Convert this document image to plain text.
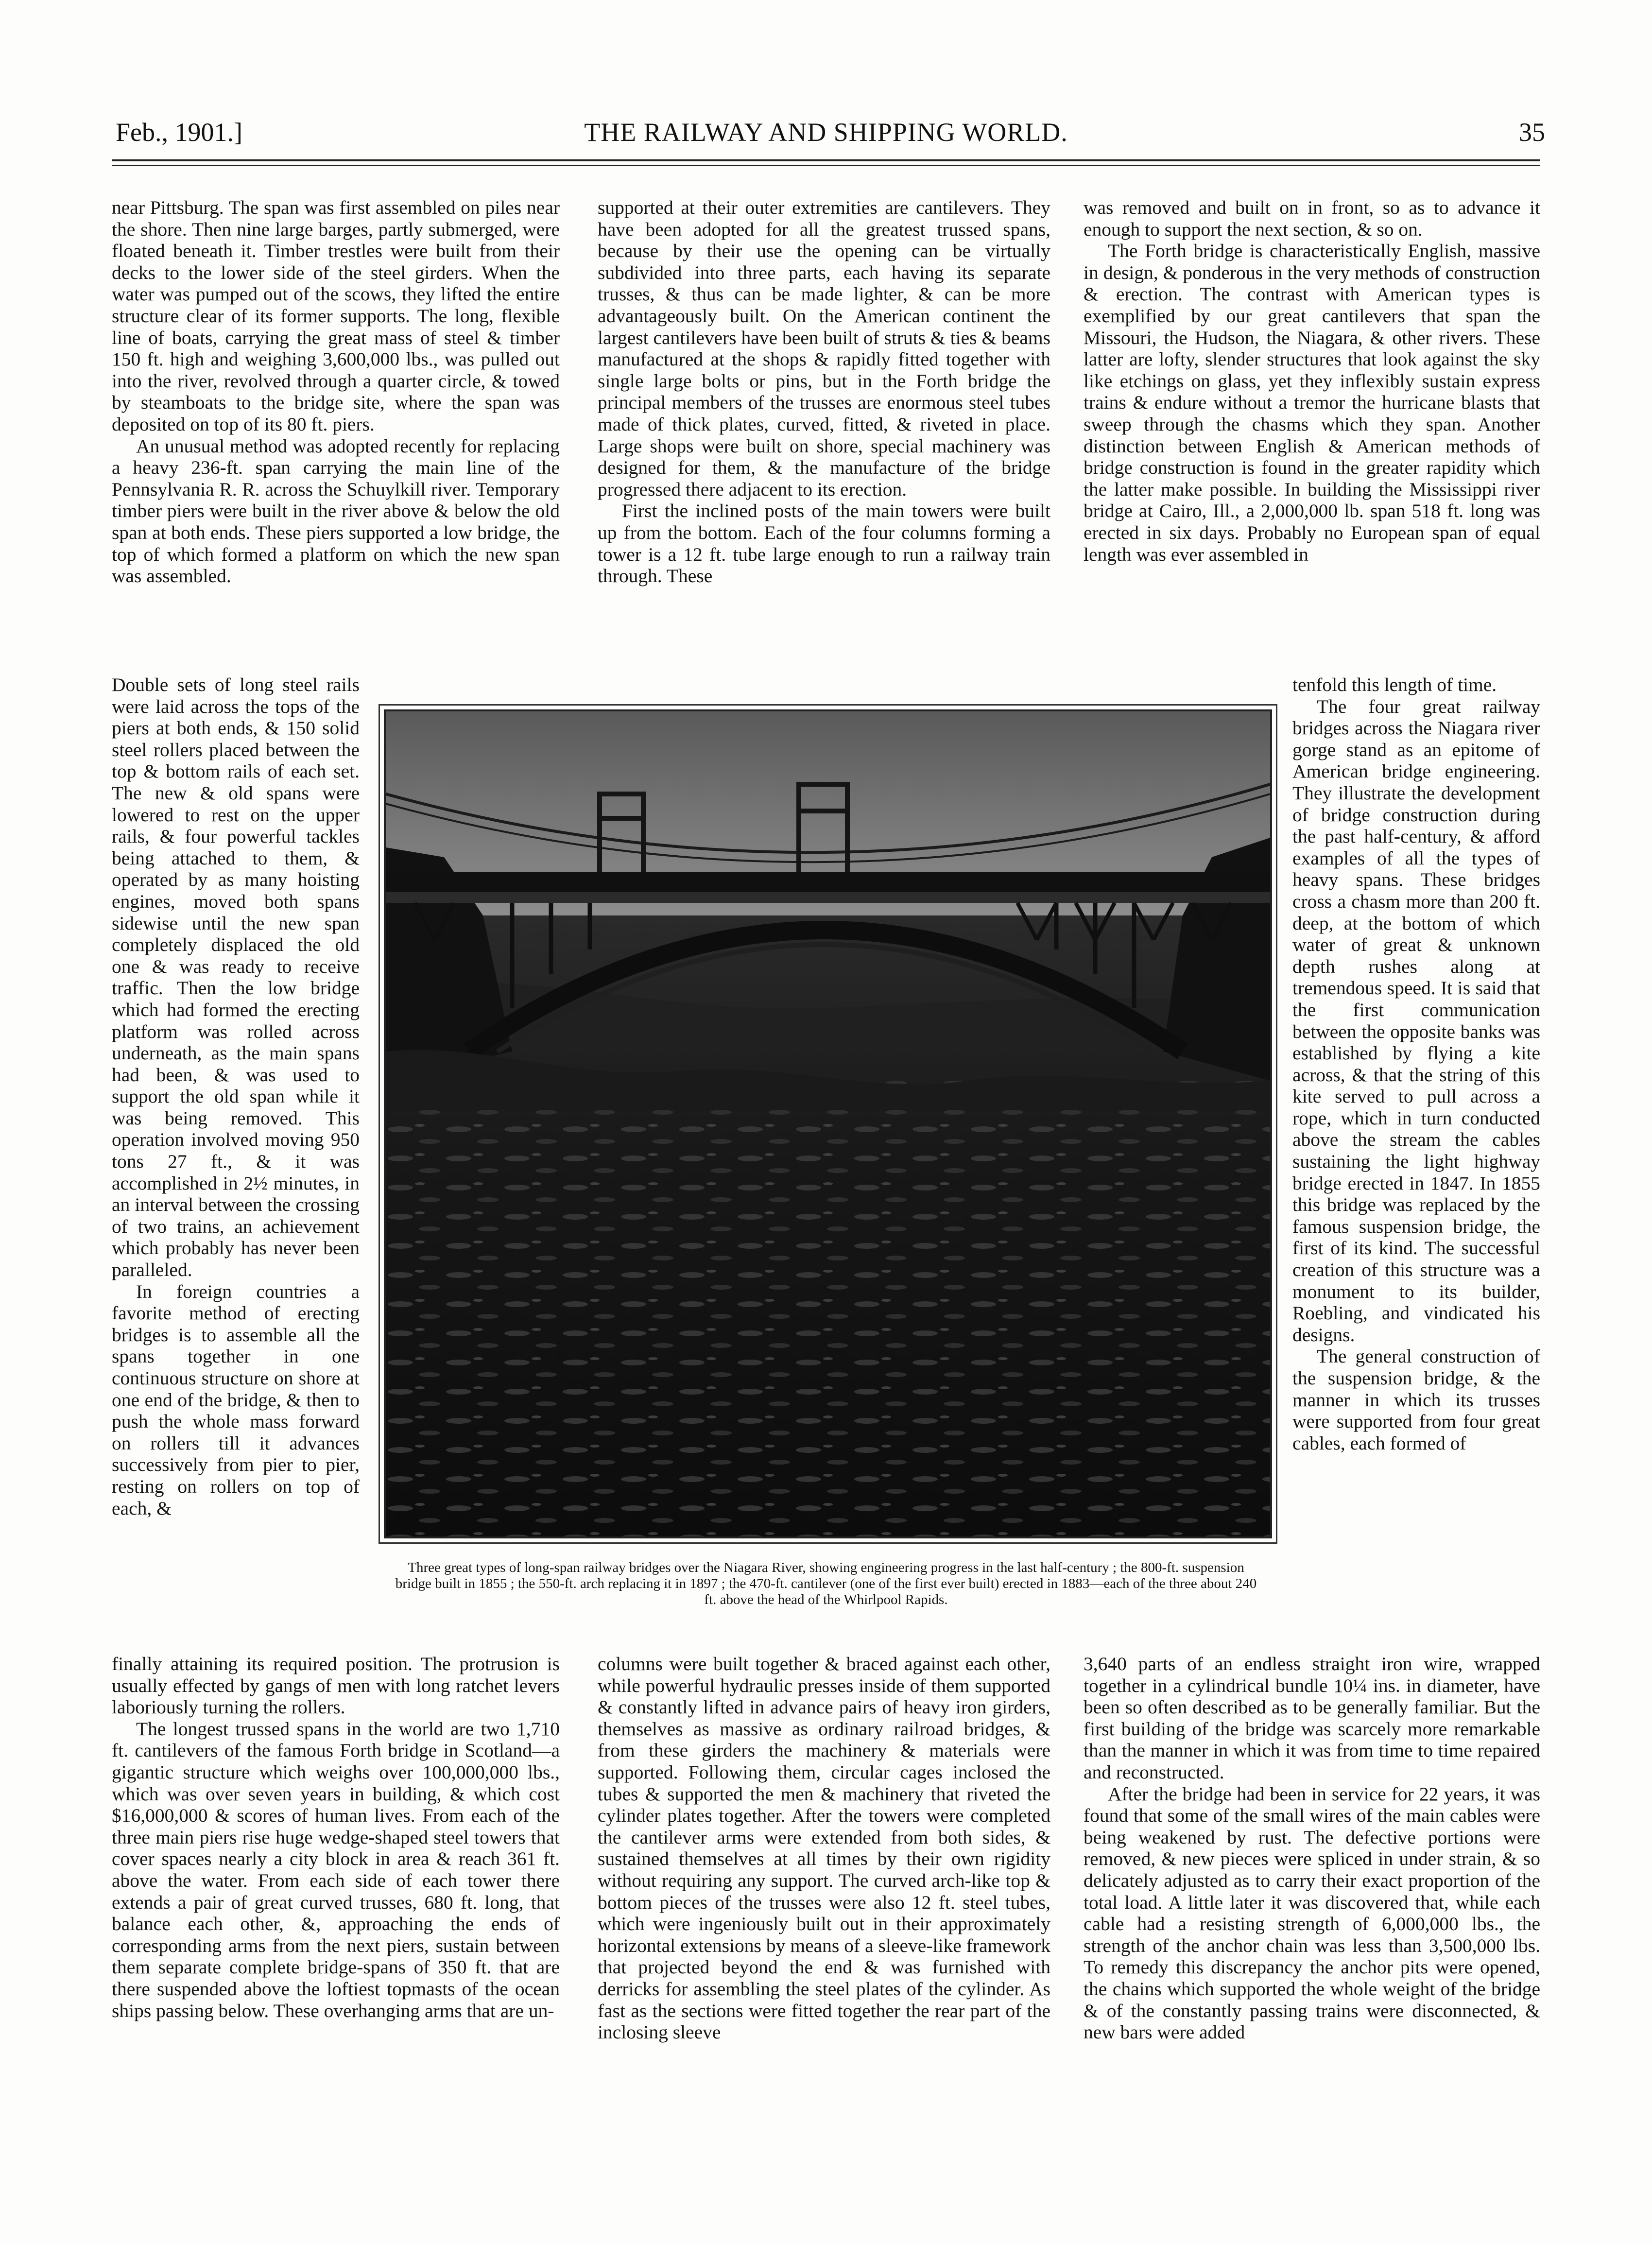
Feb., 1901.]	THE RAILWAY AND SHIPPING WORLD.	35

near Pittsburg. The span was first assembled on piles near the shore. Then nine large barges, partly submerged, were floated beneath it. Timber trestles were built from their decks to the lower side of the steel girders. When the water was pumped out of the scows, they lifted the entire structure clear of its former supports. The long, flexible line of boats, carrying the great mass of steel & timber 150 ft. high and weighing 3,600,000 lbs., was pulled out into the river, revolved through a quarter circle, & towed by steamboats to the bridge site, where the span was deposited on top of its 80 ft. piers.

An unusual method was adopted recently for replacing a heavy 236-ft. span carrying the main line of the Pennsylvania R. R. across the Schuylkill river. Temporary timber piers were built in the river above & below the old span at both ends. These piers supported a low bridge, the top of which formed a platform on which the new span was assembled.

Double sets of long steel rails were laid across the tops of the piers at both ends, & 150 solid steel rollers placed between the top & bottom rails of each set. The new & old spans were lowered to rest on the upper rails, & four powerful tackles being attached to them, & operated by as many hoisting engines, moved both spans sidewise until the new span completely displaced the old one & was ready to receive traffic. Then the low bridge which had formed the erecting platform was rolled across underneath, as the main spans had been, & was used to support the old span while it was being removed. This operation involved moving 950 tons 27 ft., & it was accomplished in 2½ minutes, in an interval between the crossing of two trains, an achievement which probably has never been paralleled.

In foreign countries a favorite method of erecting bridges is to assemble all the spans together in one continuous structure on shore at one end of the bridge, & then to push the whole mass forward on rollers till it advances successively from pier to pier, resting on rollers on top of each, &

finally attaining its required position. The protrusion is usually effected by gangs of men with long ratchet levers laboriously turning the rollers.

The longest trussed spans in the world are two 1,710 ft. cantilevers of the famous Forth bridge in Scotland—a gigantic structure which weighs over 100,000,000 lbs., which was over seven years in building, & which cost $16,000,000 & scores of human lives. From each of the three main piers rise huge wedge-shaped steel towers that cover spaces nearly a city block in area & reach 361 ft. above the water. From each side of each tower there extends a pair of great curved trusses, 680 ft. long, that balance each other, &, approaching the ends of corresponding arms from the next piers, sustain between them separate complete bridge-spans of 350 ft. that are there suspended above the loftiest topmasts of the ocean ships passing below. These overhanging arms that are un-

supported at their outer extremities are cantilevers. They have been adopted for all the greatest trussed spans, because by their use the opening can be virtually subdivided into three parts, each having its separate trusses, & thus can be made lighter, & can be more advantageously built. On the American continent the largest cantilevers have been built of struts & ties & beams manufactured at the shops & rapidly fitted together with single large bolts or pins, but in the Forth bridge the principal members of the trusses are enormous steel tubes made of thick plates, curved, fitted, & riveted in place. Large shops were built on shore, special machinery was designed for them, & the manufacture of the bridge progressed there adjacent to its erection.

First the inclined posts of the main towers were built up from the bottom. Each of the four columns forming a tower is a 12 ft. tube large enough to run a railway train through. These

columns were built together & braced against each other, while powerful hydraulic presses inside of them supported & constantly lifted in advance pairs of heavy iron girders, themselves as massive as ordinary railroad bridges, & from these girders the machinery & materials were supported. Following them, circular cages inclosed the tubes & supported the men & machinery that riveted the cylinder plates together. After the towers were completed the cantilever arms were extended from both sides, & sustained themselves at all times by their own rigidity without requiring any support. The curved arch-like top & bottom pieces of the trusses were also 12 ft. steel tubes, which were ingeniously built out in their approximately horizontal extensions by means of a sleeve-like framework that projected beyond the end & was furnished with derricks for assembling the steel plates of the cylinder. As fast as the sections were fitted together the rear part of the inclosing sleeve

was removed and built on in front, so as to advance it enough to support the next section, & so on.

The Forth bridge is characteristically English, massive in design, & ponderous in the very methods of construction & erection. The contrast with American types is exemplified by our great cantilevers that span the Missouri, the Hudson, the Niagara, & other rivers. These latter are lofty, slender structures that look against the sky like etchings on glass, yet they inflexibly sustain express trains & endure without a tremor the hurricane blasts that sweep through the chasms which they span. Another distinction between English & American methods of bridge construction is found in the greater rapidity which the latter make possible. In building the Mississippi river bridge at Cairo, Ill., a 2,000,000 lb. span 518 ft. long was erected in six days. Probably no European span of equal length was ever assembled in

tenfold this length of time.

The four great railway bridges across the Niagara river gorge stand as an epitome of American bridge engineering. They illustrate the development of bridge construction during the past half-century, & afford examples of all the types of heavy spans. These bridges cross a chasm more than 200 ft. deep, at the bottom of which water of great & unknown depth rushes along at tremendous speed. It is said that the first communication between the opposite banks was established by flying a kite across, & that the string of this kite served to pull across a rope, which in turn conducted above the stream the cables sustaining the light highway bridge erected in 1847. In 1855 this bridge was replaced by the famous suspension bridge, the first of its kind. The successful creation of this structure was a monument to its builder, Roebling, and vindicated his designs.

The general construction of the suspension bridge, & the manner in which its trusses were supported from four great cables, each formed of

3,640 parts of an endless straight iron wire, wrapped together in a cylindrical bundle 10¼ ins. in diameter, have been so often described as to be generally familiar. But the first building of the bridge was scarcely more remarkable than the manner in which it was from time to time repaired and reconstructed.

After the bridge had been in service for 22 years, it was found that some of the small wires of the main cables were being weakened by rust. The defective portions were removed, & new pieces were spliced in under strain, & so delicately adjusted as to carry their exact proportion of the total load. A little later it was discovered that, while each cable had a resisting strength of 6,000,000 lbs., the strength of the anchor chain was less than 3,500,000 lbs. To remedy this discrepancy the anchor pits were opened, the chains which supported the whole weight of the bridge & of the constantly passing trains were disconnected, & new bars were added

Three great types of long-span railway bridges over the Niagara River, showing engineering progress in the last half-century ; the 800-ft. suspension bridge built in 1855 ; the 550-ft. arch replacing it in 1897 ; the 470-ft. cantilever (one of the first ever built) erected in 1883—each of the three about 240 ft. above the head of the Whirlpool Rapids.
